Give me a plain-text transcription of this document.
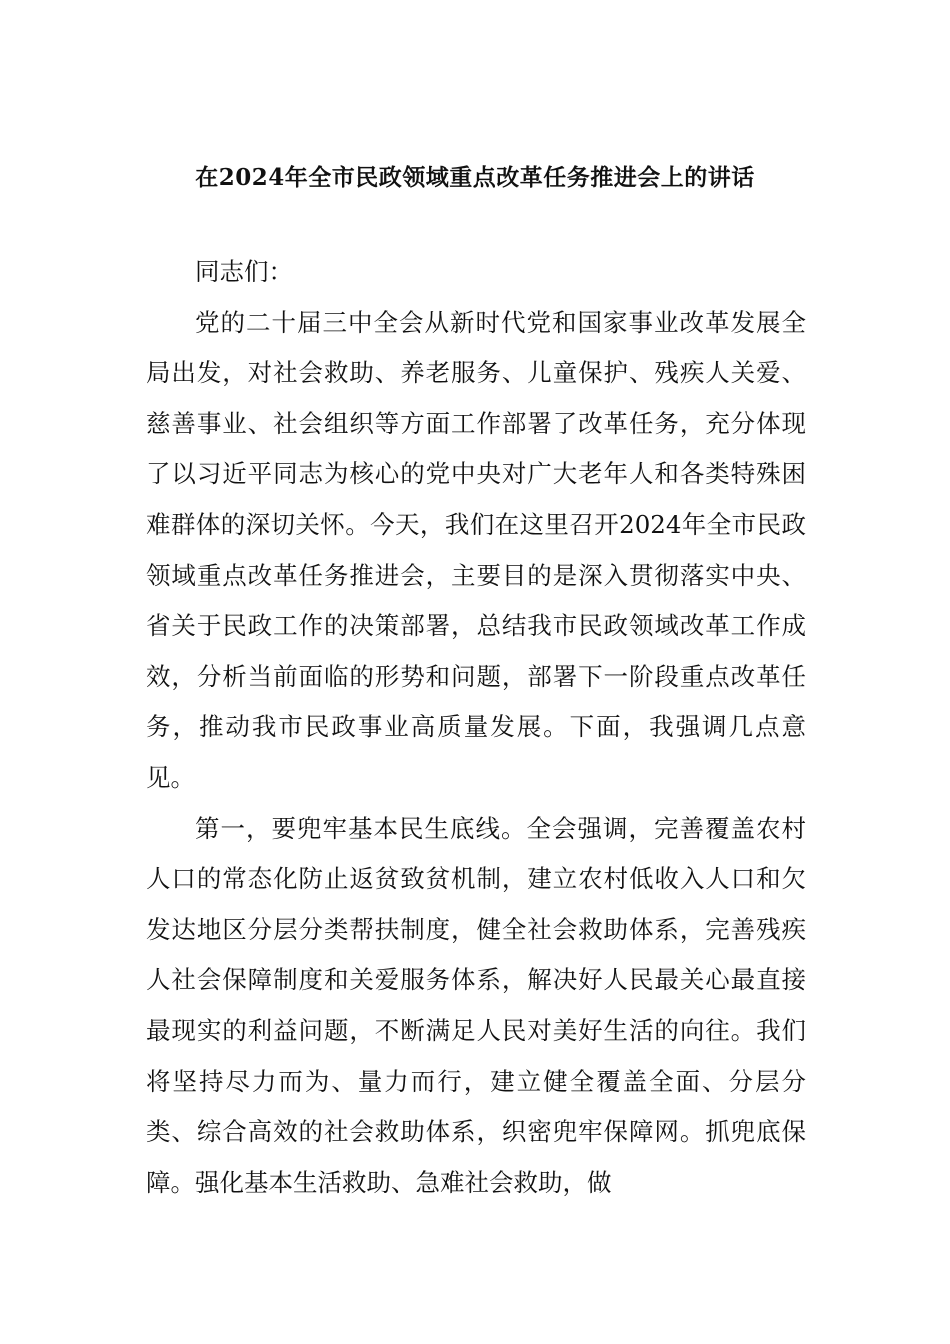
在2024年全市民政领域重点改革任务推进会上的讲话

同志们：

党的二十届三中全会从新时代党和国家事业改革发展全局出发，对社会救助、养老服务、儿童保护、残疾人关爱、慈善事业、社会组织等方面工作部署了改革任务，充分体现了以习近平同志为核心的党中央对广大老年人和各类特殊困难群体的深切关怀。今天，我们在这里召开2024年全市民政领域重点改革任务推进会，主要目的是深入贯彻落实中央、省关于民政工作的决策部署，总结我市民政领域改革工作成效，分析当前面临的形势和问题，部署下一阶段重点改革任务，推动我市民政事业高质量发展。下面，我强调几点意见。

第一，要兜牢基本民生底线。全会强调，完善覆盖农村人口的常态化防止返贫致贫机制，建立农村低收入人口和欠发达地区分层分类帮扶制度，健全社会救助体系，完善残疾人社会保障制度和关爱服务体系，解决好人民最关心最直接最现实的利益问题，不断满足人民对美好生活的向往。我们将坚持尽力而为、量力而行，建立健全覆盖全面、分层分类、综合高效的社会救助体系，织密兜牢保障网。抓兜底保障。强化基本生活救助、急难社会救助，做
